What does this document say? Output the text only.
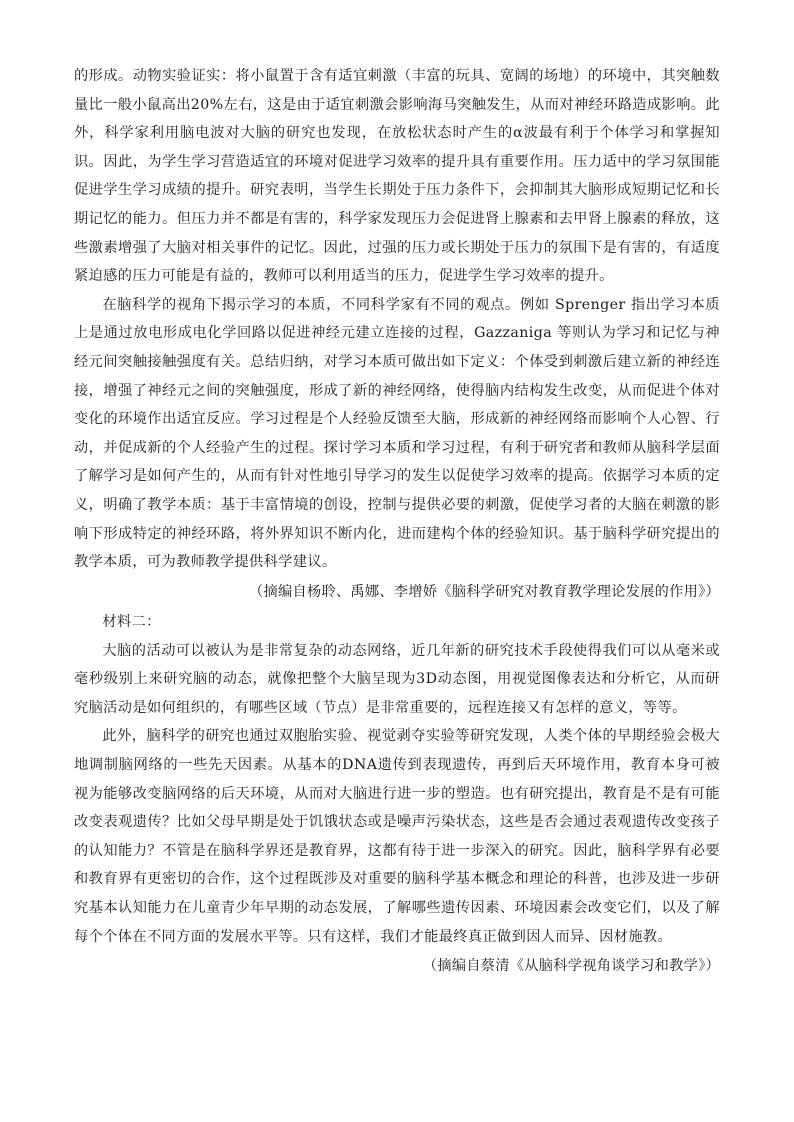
的形成。动物实验证实：将小鼠置于含有适宜刺激（丰富的玩具、宽阔的场地）的环境中，其突触数量比一般小鼠高出20%左右，这是由于适宜刺激会影响海马突触发生，从而对神经环路造成影响。此外，科学家利用脑电波对大脑的研究也发现，在放松状态时产生的α波最有利于个体学习和掌握知识。因此，为学生学习营造适宜的环境对促进学习效率的提升具有重要作用。压力适中的学习氛围能促进学生学习成绩的提升。研究表明，当学生长期处于压力条件下，会抑制其大脑形成短期记忆和长期记忆的能力。但压力并不都是有害的，科学家发现压力会促进肾上腺素和去甲肾上腺素的释放，这些激素增强了大脑对相关事件的记忆。因此，过强的压力或长期处于压力的氛围下是有害的，有适度紧迫感的压力可能是有益的，教师可以利用适当的压力，促进学生学习效率的提升。

在脑科学的视角下揭示学习的本质，不同科学家有不同的观点。例如 Sprenger 指出学习本质上是通过放电形成电化学回路以促进神经元建立连接的过程，Gazzaniga 等则认为学习和记忆与神经元间突触接触强度有关。总结归纳，对学习本质可做出如下定义：个体受到刺激后建立新的神经连接，增强了神经元之间的突触强度，形成了新的神经网络，使得脑内结构发生改变，从而促进个体对变化的环境作出适宜反应。学习过程是个人经验反馈至大脑，形成新的神经网络而影响个人心智、行动，并促成新的个人经验产生的过程。探讨学习本质和学习过程，有利于研究者和教师从脑科学层面了解学习是如何产生的，从而有针对性地引导学习的发生以促使学习效率的提高。依据学习本质的定义，明确了教学本质：基于丰富情境的创设，控制与提供必要的刺激，促使学习者的大脑在刺激的影响下形成特定的神经环路，将外界知识不断内化，进而建构个体的经验知识。基于脑科学研究提出的教学本质，可为教师教学提供科学建议。

（摘编自杨聆、禹娜、李增娇《脑科学研究对教育教学理论发展的作用》）

材料二：

大脑的活动可以被认为是非常复杂的动态网络，近几年新的研究技术手段使得我们可以从毫米或毫秒级别上来研究脑的动态，就像把整个大脑呈现为3D动态图，用视觉图像表达和分析它，从而研究脑活动是如何组织的，有哪些区域（节点）是非常重要的，远程连接又有怎样的意义，等等。

此外，脑科学的研究也通过双胞胎实验、视觉剥夺实验等研究发现，人类个体的早期经验会极大地调制脑网络的一些先天因素。从基本的DNA遗传到表现遗传，再到后天环境作用，教育本身可被视为能够改变脑网络的后天环境，从而对大脑进行进一步的塑造。也有研究提出，教育是不是有可能改变表观遗传？比如父母早期是处于饥饿状态或是噪声污染状态，这些是否会通过表观遗传改变孩子的认知能力？不管是在脑科学界还是教育界，这都有待于进一步深入的研究。因此，脑科学界有必要和教育界有更密切的合作，这个过程既涉及对重要的脑科学基本概念和理论的科普，也涉及进一步研究基本认知能力在儿童青少年早期的动态发展，了解哪些遗传因素、环境因素会改变它们，以及了解每个个体在不同方面的发展水平等。只有这样，我们才能最终真正做到因人而异、因材施教。

（摘编自蔡清《从脑科学视角谈学习和教学》）
